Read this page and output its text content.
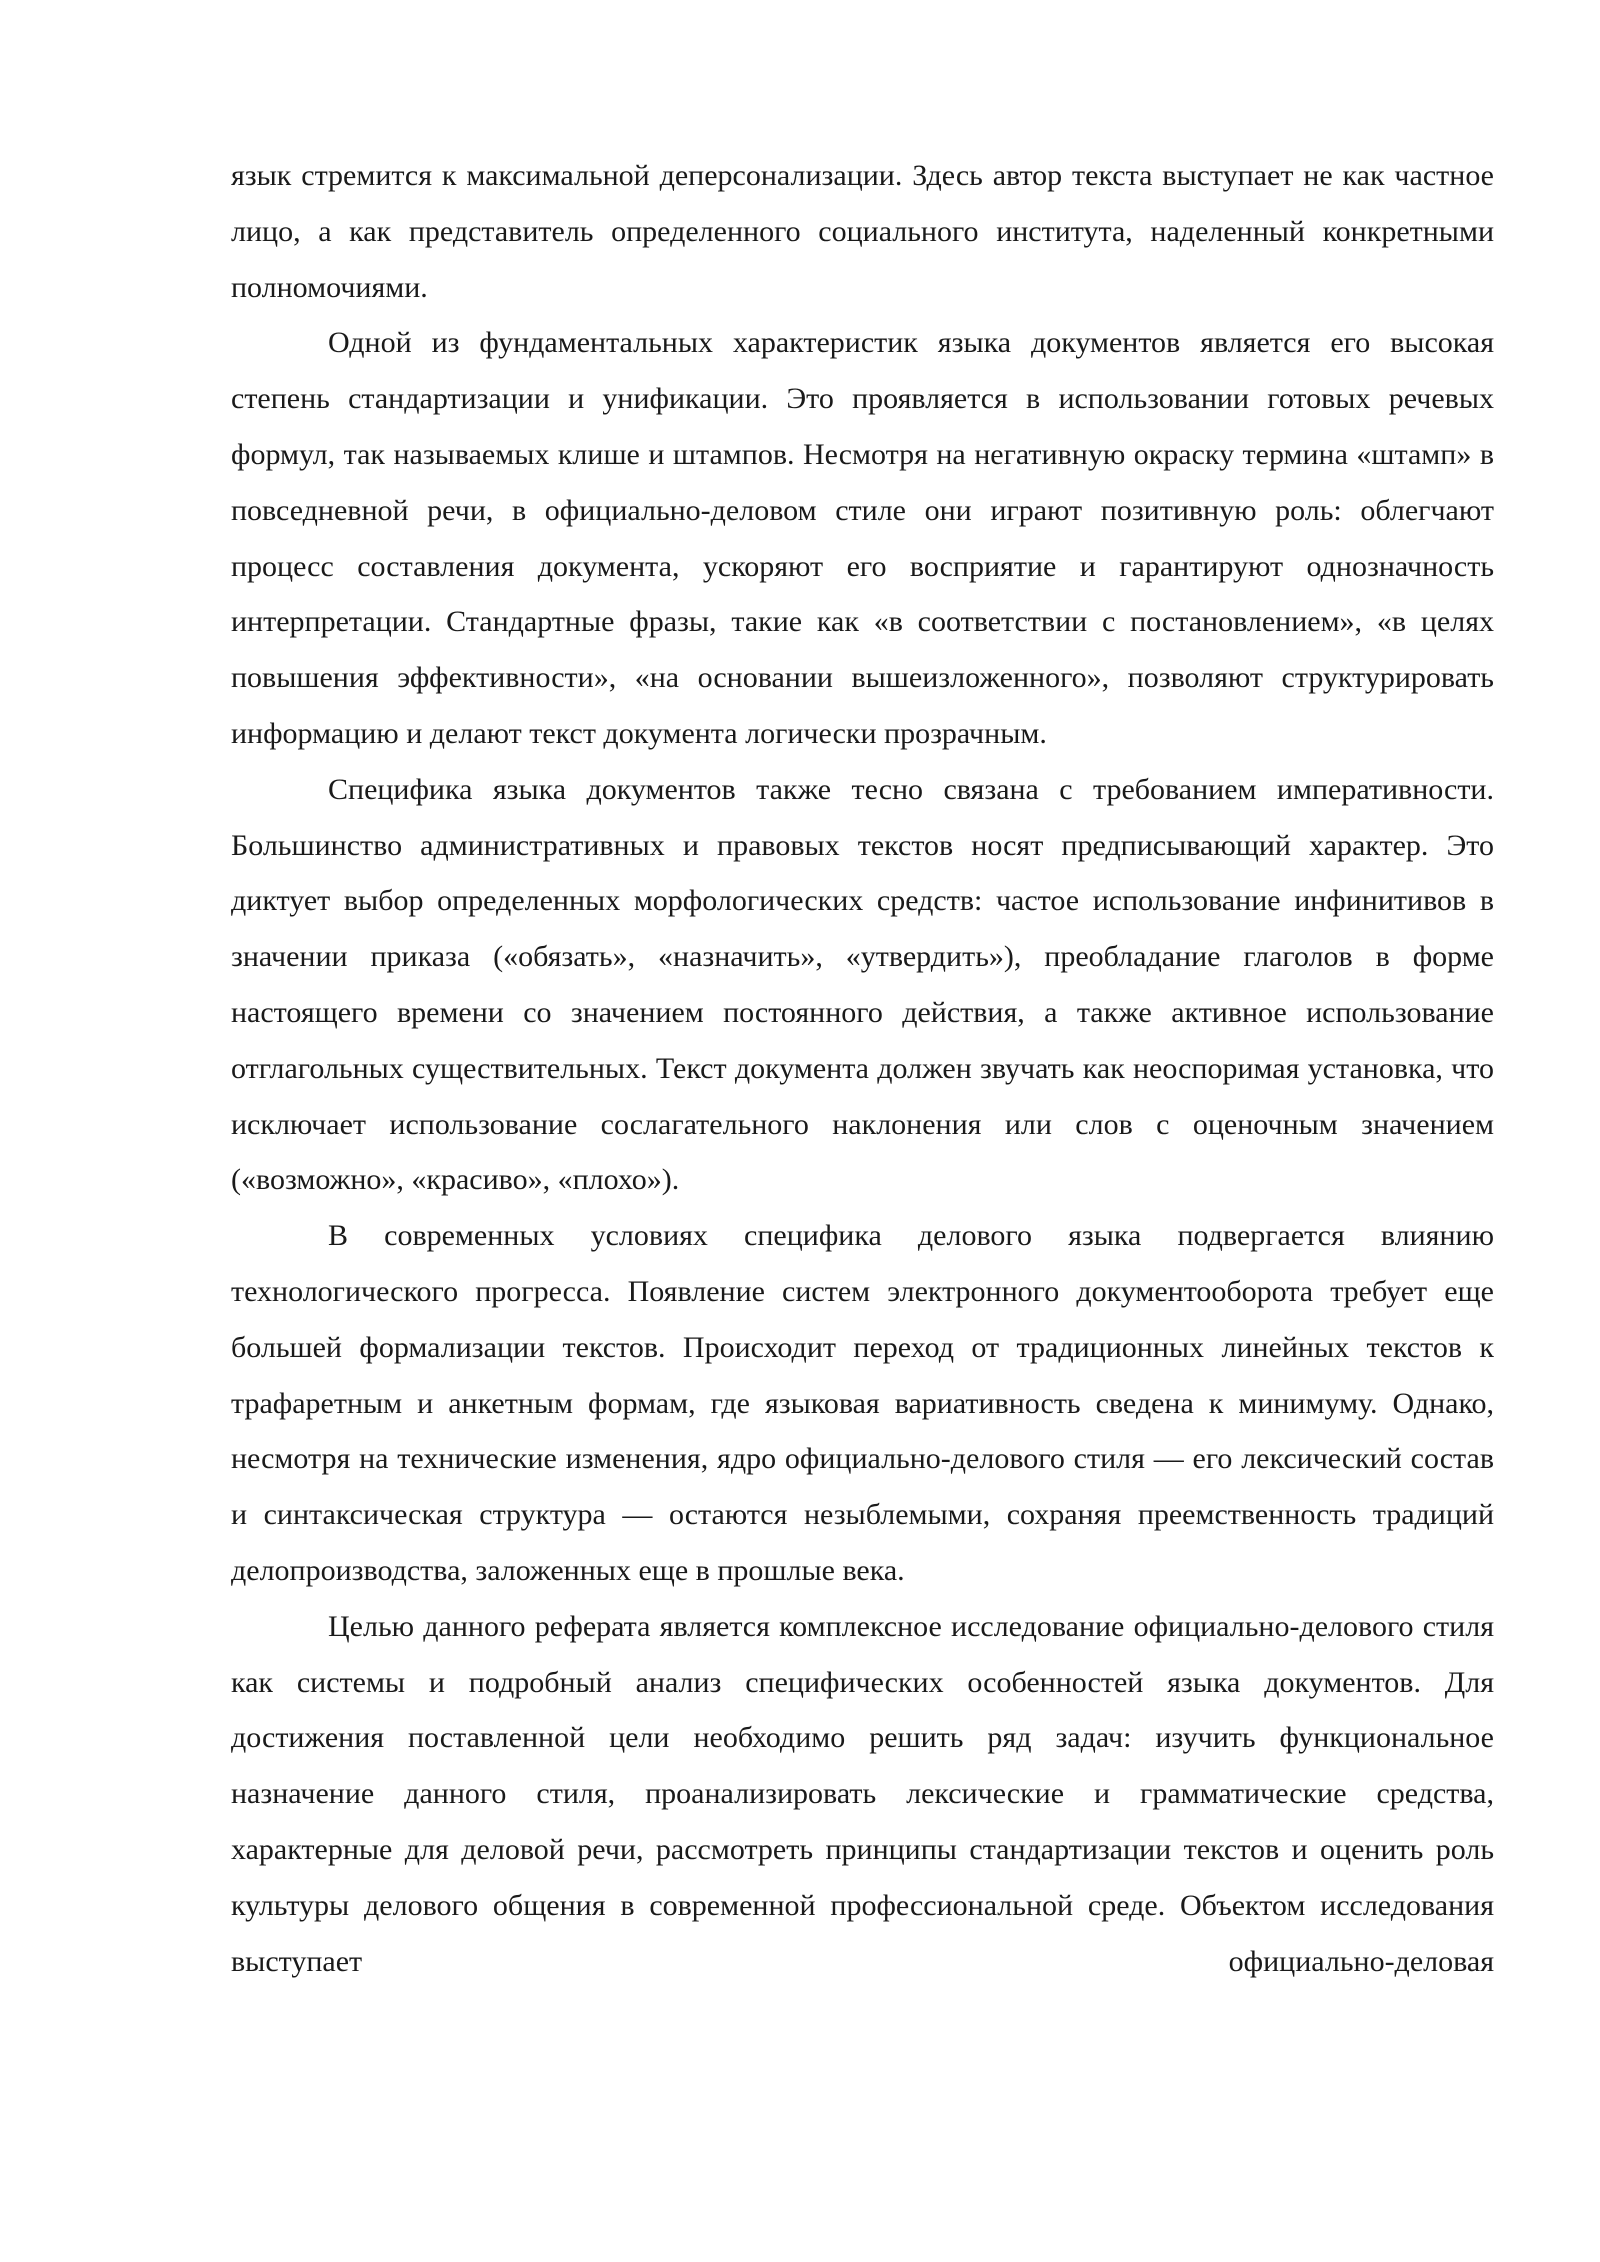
язык стремится к максимальной деперсонализации. Здесь автор текста выступает не как частное лицо, а как представитель определенного социального института, наделенный конкретными полномочиями.

Одной из фундаментальных характеристик языка документов является его высокая степень стандартизации и унификации. Это проявляется в использовании готовых речевых формул, так называемых клише и штампов. Несмотря на негативную окраску термина «штамп» в повседневной речи, в официально-деловом стиле они играют позитивную роль: облегчают процесс составления документа, ускоряют его восприятие и гарантируют однозначность интерпретации. Стандартные фразы, такие как «в соответствии с постановлением», «в целях повышения эффективности», «на основании вышеизложенного», позволяют структурировать информацию и делают текст документа логически прозрачным.

Специфика языка документов также тесно связана с требованием императивности. Большинство административных и правовых текстов носят предписывающий характер. Это диктует выбор определенных морфологических средств: частое использование инфинитивов в значении приказа («обязать», «назначить», «утвердить»), преобладание глаголов в форме настоящего времени со значением постоянного действия, а также активное использование отглагольных существительных. Текст документа должен звучать как неоспоримая установка, что исключает использование сослагательного наклонения или слов с оценочным значением («возможно», «красиво», «плохо»).

В современных условиях специфика делового языка подвергается влиянию технологического прогресса. Появление систем электронного документооборота требует еще большей формализации текстов. Происходит переход от традиционных линейных текстов к трафаретным и анкетным формам, где языковая вариативность сведена к минимуму. Однако, несмотря на технические изменения, ядро официально-делового стиля — его лексический состав и синтаксическая структура — остаются незыблемыми, сохраняя преемственность традиций делопроизводства, заложенных еще в прошлые века.

Целью данного реферата является комплексное исследование официально-делового стиля как системы и подробный анализ специфических особенностей языка документов. Для достижения поставленной цели необходимо решить ряд задач: изучить функциональное назначение данного стиля, проанализировать лексические и грамматические средства, характерные для деловой речи, рассмотреть принципы стандартизации текстов и оценить роль культуры делового общения в современной профессиональной среде. Объектом исследования выступает официально-деловая
